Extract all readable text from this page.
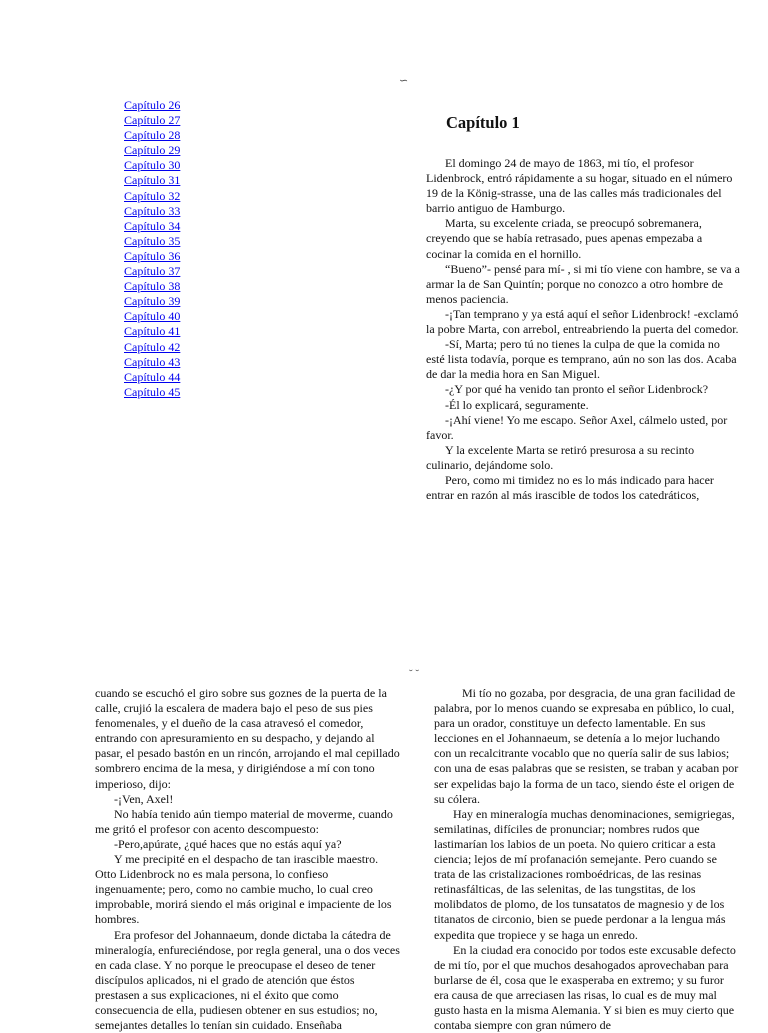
∽
Capítulo 26
Capítulo 27
Capítulo 28
Capítulo 29
Capítulo 30
Capítulo 31
Capítulo 32
Capítulo 33
Capítulo 34
Capítulo 35
Capítulo 36
Capítulo 37
Capítulo 38
Capítulo 39
Capítulo 40
Capítulo 41
Capítulo 42
Capítulo 43
Capítulo 44
Capítulo 45
Capítulo 1

El domingo 24 de mayo de 1863, mi tío, el profesor Lidenbrock, entró rápidamente a su hogar, situado en el número 19 de la König-strasse, una de las calles más tradicionales del barrio antiguo de Hamburgo.

Marta, su excelente criada, se preocupó sobremanera, creyendo que se había retrasado, pues apenas empezaba a cocinar la comida en el hornillo.

“Bueno”- pensé para mí- , si mi tío viene con hambre, se va a armar la de San Quintín; porque no conozco a otro hombre de menos paciencia.

-¡Tan temprano y ya está aquí el señor Lidenbrock! -exclamó la pobre Marta, con arrebol, entreabriendo la puerta del comedor.

-Sí, Marta; pero tú no tienes la culpa de que la comida no esté lista todavía, porque es temprano, aún no son las dos. Acaba de dar la media hora en San Miguel.

-¿Y por qué ha venido tan pronto el señor Lidenbrock?

-Él lo explicará, seguramente.

-¡Ahí viene! Yo me escapo. Señor Axel, cálmelo usted, por favor.

Y la excelente Marta se retiró presurosa a su recinto culinario, dejándome solo.

Pero, como mi timidez no es lo más indicado para hacer entrar en razón al más irascible de todos los catedráticos,

˘ ˘

cuando se escuchó el giro sobre sus goznes de la puerta de la calle, crujió la escalera de madera bajo el peso de sus pies fenomenales, y el dueño de la casa atravesó el comedor, entrando con apresuramiento en su despacho, y dejando al pasar, el pesado bastón en un rincón, arrojando el mal cepillado sombrero encima de la mesa, y dirigiéndose a mí con tono imperioso, dijo:

-¡Ven, Axel!

No había tenido aún tiempo material de moverme, cuando me gritó el profesor con acento descompuesto:

-Pero,apúrate, ¿qué haces que no estás aquí ya?

Y me precipité en el despacho de tan irascible maestro. Otto Lidenbrock no es mala persona, lo confieso ingenuamente; pero, como no cambie mucho, lo cual creo improbable, morirá siendo el más original e impaciente de los hombres.

Era profesor del Johannaeum, donde dictaba la cátedra de mineralogía, enfureciéndose, por regla general, una o dos veces en cada clase. Y no porque le preocupase el deseo de tener discípulos aplicados, ni el grado de atención que éstos prestasen a sus explicaciones, ni el éxito que como consecuencia de ella, pudiesen obtener en sus estudios; no, semejantes detalles lo tenían sin cuidado. Enseñaba

Mi tío no gozaba, por desgracia, de una gran facilidad de palabra, por lo menos cuando se expresaba en público, lo cual, para un orador, constituye un defecto lamentable. En sus lecciones en el Johannaeum, se detenía a lo mejor luchando con un recalcitrante vocablo que no quería salir de sus labios; con una de esas palabras que se resisten, se traban y acaban por ser expelidas bajo la forma de un taco, siendo éste el origen de su cólera.

Hay en mineralogía muchas denominaciones, semigriegas, semilatinas, difíciles de pronunciar; nombres rudos que lastimarían los labios de un poeta. No quiero criticar a esta ciencia; lejos de mí profanación semejante. Pero cuando se trata de las cristalizaciones romboédricas, de las resinas retinasfálticas, de las selenitas, de las tungstitas, de los molibdatos de plomo, de los tunsatatos de magnesio y de los titanatos de circonio, bien se puede perdonar a la lengua más expedita que tropiece y se haga un enredo.

En la ciudad era conocido por todos este excusable defecto de mi tío, por el que muchos desahogados aprovechaban para burlarse de él, cosa que le exasperaba en extremo; y su furor era causa de que arreciasen las risas, lo cual es de muy mal gusto hasta en la misma Alemania. Y si bien es muy cierto que contaba siempre con gran número de
